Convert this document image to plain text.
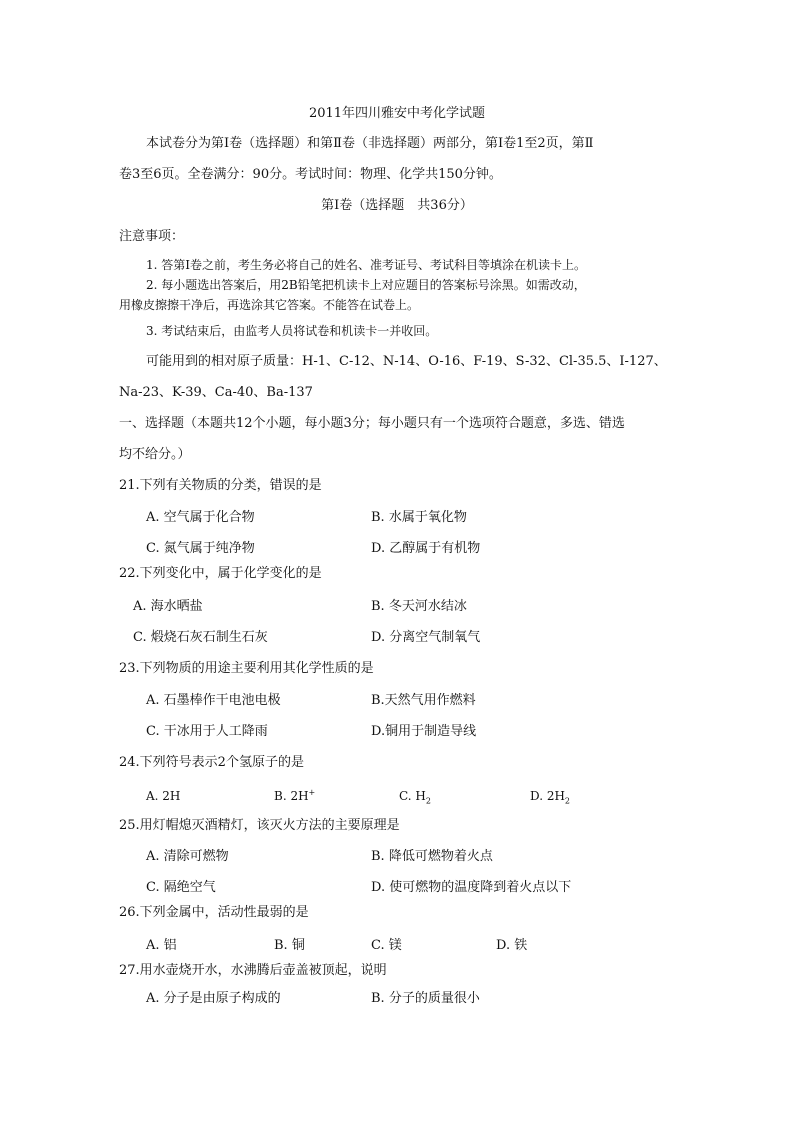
2011年四川雅安中考化学试题
本试卷分为第Ⅰ卷（选择题）和第Ⅱ卷（非选择题）两部分，第Ⅰ卷1至2页，第Ⅱ
卷3至6页。全卷满分：90分。考试时间：物理、化学共150分钟。
第Ⅰ卷（选择题　共36分）
注意事项：
1. 答第Ⅰ卷之前，考生务必将自己的姓名、准考证号、考试科目等填涂在机读卡上。
2. 每小题选出答案后，用2B铅笔把机读卡上对应题目的答案标号涂黑。如需改动，
用橡皮擦擦干净后，再选涂其它答案。不能答在试卷上。
3. 考试结束后，由监考人员将试卷和机读卡一并收回。
可能用到的相对原子质量：H-1、C-12、N-14、O-16、F-19、S-32、Cl-35.5、I-127、
Na-23、K-39、Ca-40、Ba-137
一、选择题（本题共12个小题，每小题3分；每小题只有一个选项符合题意，多选、错选
均不给分。）
21.下列有关物质的分类，错误的是
A. 空气属于化合物	B. 水属于氧化物
C. 氮气属于纯净物	D. 乙醇属于有机物
22.下列变化中，属于化学变化的是
A. 海水晒盐	B. 冬天河水结冰
C. 煅烧石灰石制生石灰	D. 分离空气制氧气
23.下列物质的用途主要利用其化学性质的是
A. 石墨棒作干电池电极	B.天然气用作燃料
C. 干冰用于人工降雨	D.铜用于制造导线
24.下列符号表示2个氢原子的是
A. 2H	B. 2H+	C. $H_2$	D. $2H_2$
25.用灯帽熄灭酒精灯，该灭火方法的主要原理是
A. 清除可燃物	B. 降低可燃物着火点
C. 隔绝空气	D. 使可燃物的温度降到着火点以下
26.下列金属中，活动性最弱的是
A. 铝	B. 铜	C. 镁	D. 铁
27.用水壶烧开水，水沸腾后壶盖被顶起，说明
A. 分子是由原子构成的	B. 分子的质量很小
